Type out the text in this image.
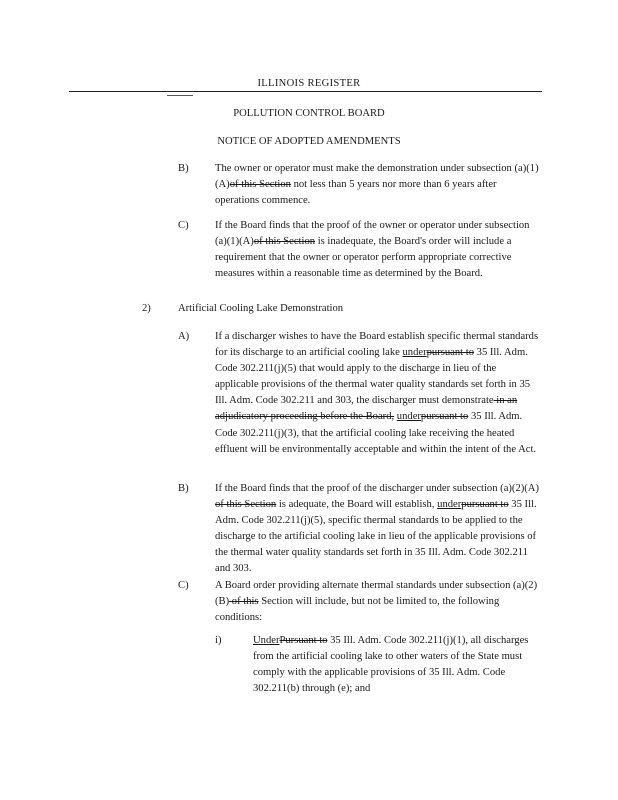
ILLINOIS REGISTER
POLLUTION CONTROL BOARD
NOTICE OF ADOPTED AMENDMENTS
B) The owner or operator must make the demonstration under subsection (a)(1)(A)of this Section not less than 5 years nor more than 6 years after operations commence.
C) If the Board finds that the proof of the owner or operator under subsection (a)(1)(A)of this Section is inadequate, the Board's order will include a requirement that the owner or operator perform appropriate corrective measures within a reasonable time as determined by the Board.
2)	Artificial Cooling Lake Demonstration
A) If a discharger wishes to have the Board establish specific thermal standards for its discharge to an artificial cooling lake underpursuant to 35 Ill. Adm. Code 302.211(j)(5) that would apply to the discharge in lieu of the applicable provisions of the thermal water quality standards set forth in 35 Ill. Adm. Code 302.211 and 303, the discharger must demonstrate in an adjudicatory proceeding before the Board, underpursuant to 35 Ill. Adm. Code 302.211(j)(3), that the artificial cooling lake receiving the heated effluent will be environmentally acceptable and within the intent of the Act.
B) If the Board finds that the proof of the discharger under subsection (a)(2)(A) of this Section is adequate, the Board will establish, underpursuant to 35 Ill. Adm. Code 302.211(j)(5), specific thermal standards to be applied to the discharge to the artificial cooling lake in lieu of the applicable provisions of the thermal water quality standards set forth in 35 Ill. Adm. Code 302.211 and 303.
C) A Board order providing alternate thermal standards under subsection (a)(2)(B) of this Section will include, but not be limited to, the following conditions:
i)	UnderPursuant to 35 Ill. Adm. Code 302.211(j)(1), all discharges from the artificial cooling lake to other waters of the State must comply with the applicable provisions of 35 Ill. Adm. Code 302.211(b) through (e); and
